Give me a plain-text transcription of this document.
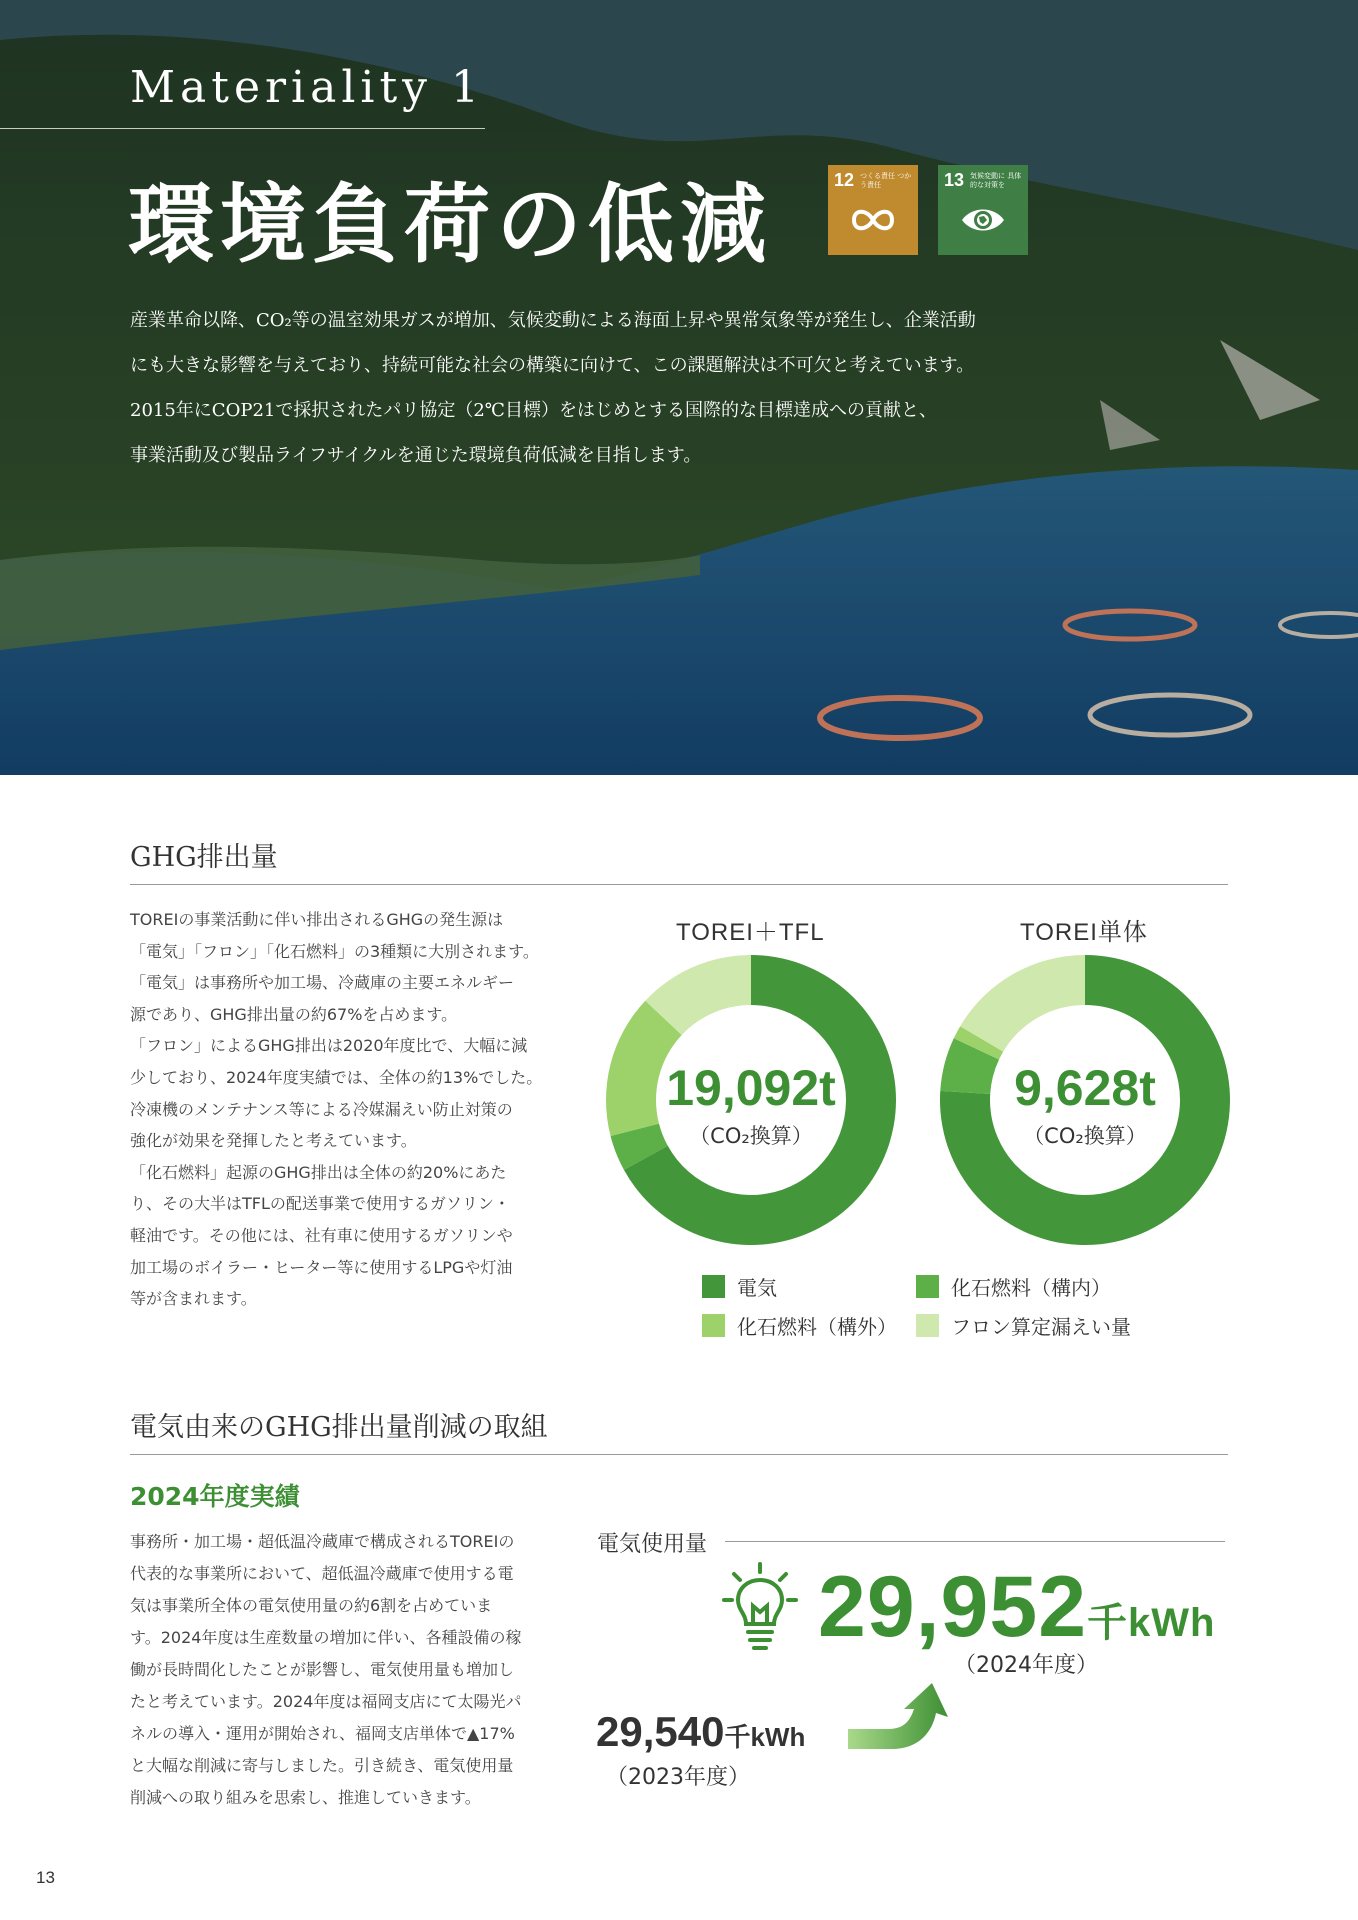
Materiality 1
環境負荷の低減	12 つくる責任 つかう責任	13 気候変動に 具体的な対策を
産業革命以降、CO₂等の温室効果ガスが増加、気候変動による海面上昇や異常気象等が発生し、企業活動
にも大きな影響を与えており、持続可能な社会の構築に向けて、この課題解決は不可欠と考えています。
2015年にCOP21で採択されたパリ協定（2℃目標）をはじめとする国際的な目標達成への貢献と、
事業活動及び製品ライフサイクルを通じた環境負荷低減を目指します。
GHG排出量
TOREIの事業活動に伴い排出されるGHGの発生源は
「電気」「フロン」「化石燃料」の3種類に大別されます。
「電気」は事務所や加工場、冷蔵庫の主要エネルギー
源であり、GHG排出量の約67%を占めます。
「フロン」によるGHG排出は2020年度比で、大幅に減
少しており、2024年度実績では、全体の約13%でした。
冷凍機のメンテナンス等による冷媒漏えい防止対策の
強化が効果を発揮したと考えています。
「化石燃料」起源のGHG排出は全体の約20%にあた
り、その大半はTFLの配送事業で使用するガソリン・
軽油です。その他には、社有車に使用するガソリンや
加工場のボイラー・ヒーター等に使用するLPGや灯油
等が含まれます。
TOREI＋TFL	TOREI単体
19,092t
（CO₂換算）
9,628t
（CO₂換算）
電気	化石燃料（構内）
化石燃料（構外）	フロン算定漏えい量
電気由来のGHG排出量削減の取組
2024年度実績
事務所・加工場・超低温冷蔵庫で構成されるTOREIの
代表的な事業所において、超低温冷蔵庫で使用する電
気は事業所全体の電気使用量の約6割を占めていま
す。2024年度は生産数量の増加に伴い、各種設備の稼
働が長時間化したことが影響し、電気使用量も増加し
たと考えています。2024年度は福岡支店にて太陽光パ
ネルの導入・運用が開始され、福岡支店単体で▲17%
と大幅な削減に寄与しました。引き続き、電気使用量
削減への取り組みを思索し、推進していきます。
電気使用量
29,952千kWh
（2024年度）
29,540千kWh
（2023年度）
13
